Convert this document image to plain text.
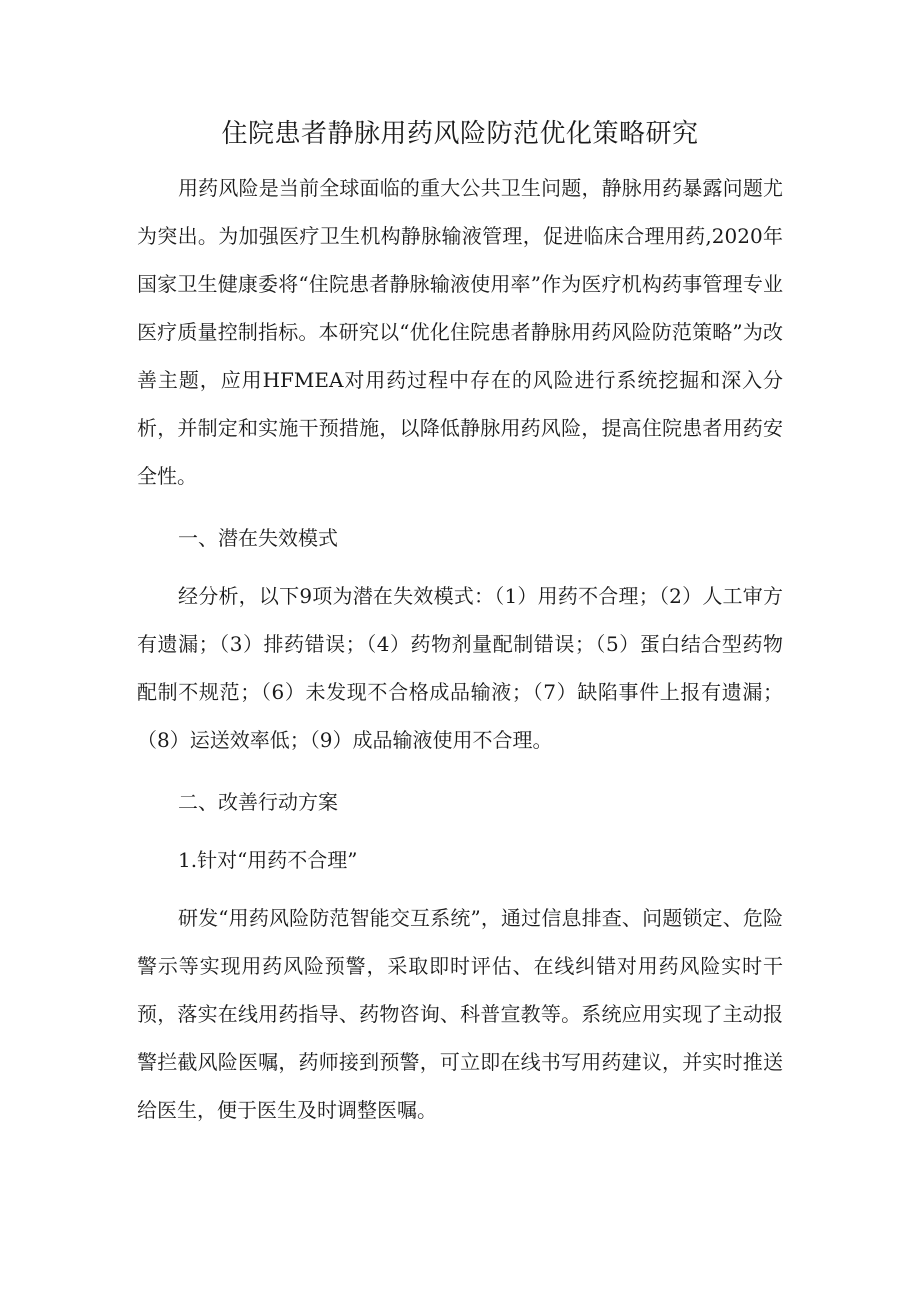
住院患者静脉用药风险防范优化策略研究

用药风险是当前全球面临的重大公共卫生问题，静脉用药暴露问题尤为突出。为加强医疗卫生机构静脉输液管理，促进临床合理用药,2020年国家卫生健康委将“住院患者静脉输液使用率”作为医疗机构药事管理专业医疗质量控制指标。本研究以“优化住院患者静脉用药风险防范策略”为改善主题，应用HFMEA对用药过程中存在的风险进行系统挖掘和深入分析，并制定和实施干预措施，以降低静脉用药风险，提高住院患者用药安全性。

一、潜在失效模式

经分析，以下9项为潜在失效模式：（1）用药不合理；（2）人工审方有遗漏；（3）排药错误；（4）药物剂量配制错误；（5）蛋白结合型药物配制不规范；（6）未发现不合格成品输液；（7）缺陷事件上报有遗漏；（8）运送效率低；（9）成品输液使用不合理。

二、改善行动方案
1.针对“用药不合理”

研发“用药风险防范智能交互系统”，通过信息排查、问题锁定、危险警示等实现用药风险预警，采取即时评估、在线纠错对用药风险实时干预，落实在线用药指导、药物咨询、科普宣教等。系统应用实现了主动报警拦截风险医嘱，药师接到预警，可立即在线书写用药建议，并实时推送给医生，便于医生及时调整医嘱。
